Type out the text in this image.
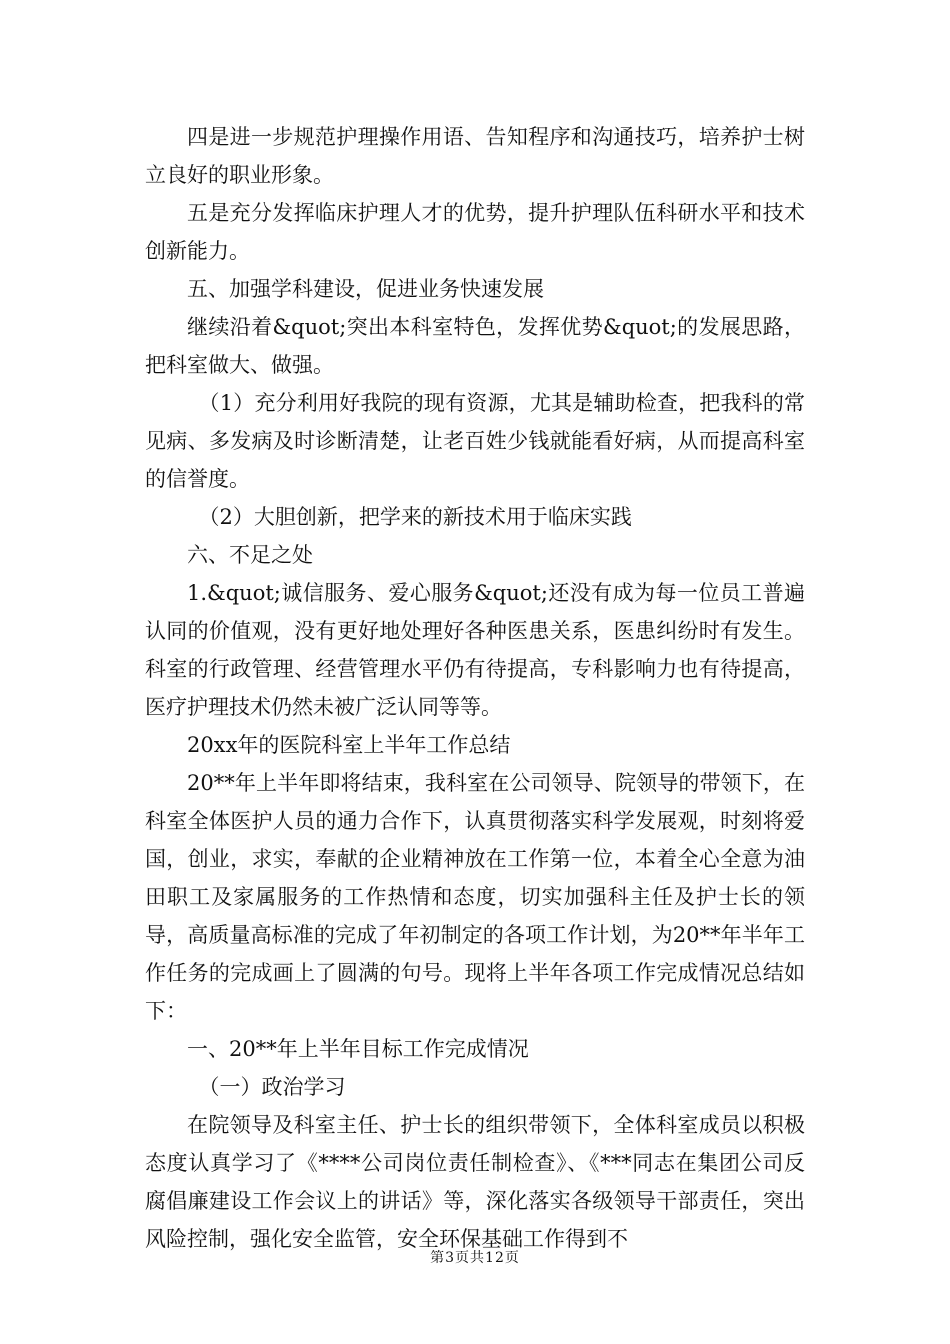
四是进一步规范护理操作用语、告知程序和沟通技巧，培养护士树立良好的职业形象。

五是充分发挥临床护理人才的优势，提升护理队伍科研水平和技术创新能力。

五、加强学科建设，促进业务快速发展

继续沿着&quot;突出本科室特色，发挥优势&quot;的发展思路，把科室做大、做强。

（1）充分利用好我院的现有资源，尤其是辅助检查，把我科的常见病、多发病及时诊断清楚，让老百姓少钱就能看好病，从而提高科室的信誉度。

（2）大胆创新，把学来的新技术用于临床实践

六、不足之处

1.&quot;诚信服务、爱心服务&quot;还没有成为每一位员工普遍认同的价值观，没有更好地处理好各种医患关系，医患纠纷时有发生。科室的行政管理、经营管理水平仍有待提高，专科影响力也有待提高，医疗护理技术仍然未被广泛认同等等。

20xx年的医院科室上半年工作总结

20**年上半年即将结束，我科室在公司领导、院领导的带领下，在科室全体医护人员的通力合作下，认真贯彻落实科学发展观，时刻将爱国，创业，求实，奉献的企业精神放在工作第一位，本着全心全意为油田职工及家属服务的工作热情和态度，切实加强科主任及护士长的领导，高质量高标准的完成了年初制定的各项工作计划，为20**年半年工作任务的完成画上了圆满的句号。现将上半年各项工作完成情况总结如下：

一、20**年上半年目标工作完成情况

（一）政治学习

在院领导及科室主任、护士长的组织带领下，全体科室成员以积极态度认真学习了《****公司岗位责任制检查》、《***同志在集团公司反腐倡廉建设工作会议上的讲话》等，深化落实各级领导干部责任，突出风险控制，强化安全监管，安全环保基础工作得到不

第3页共12页
